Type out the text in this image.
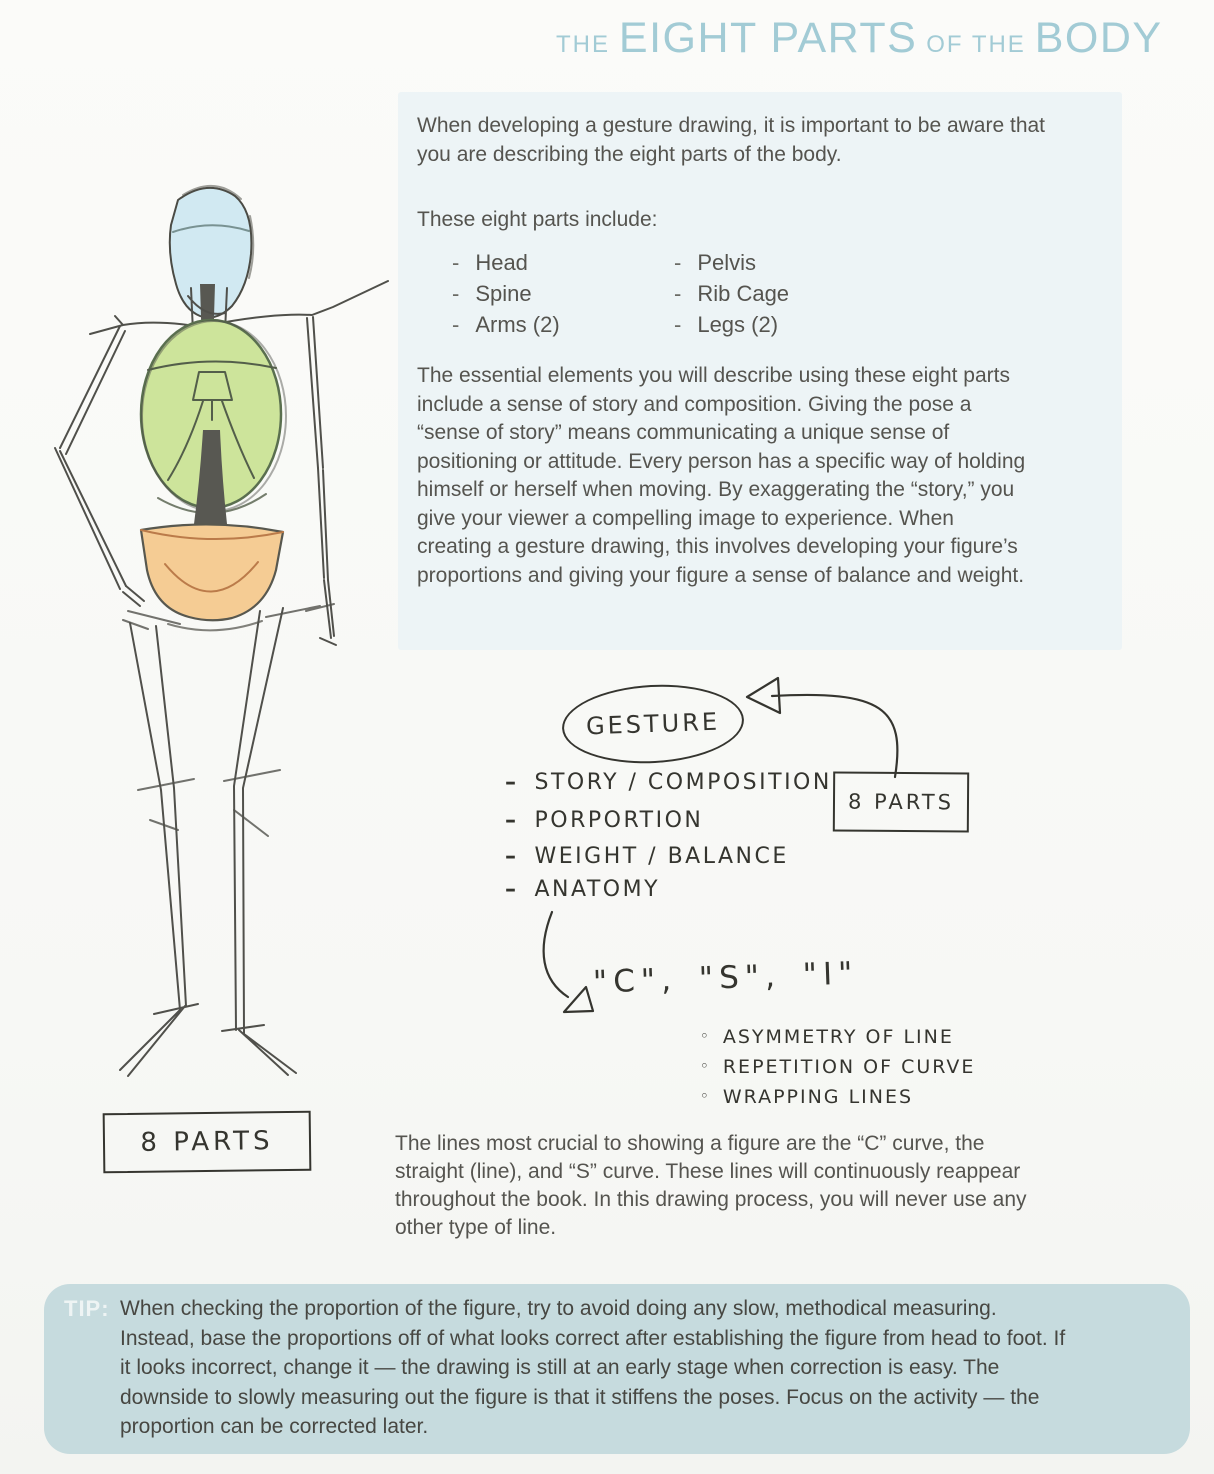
THE EIGHT PARTS OF THE BODY

When developing a gesture drawing, it is important to be aware that you are describing the eight parts of the body.

These eight parts include:

- Head	- Pelvis
- Spine	- Rib Cage
- Arms (2)	- Legs (2)

The essential elements you will describe using these eight parts include a sense of story and composition. Giving the pose a “sense of story” means communicating a unique sense of positioning or attitude. Every person has a specific way of holding himself or herself when moving. By exaggerating the “story,” you give your viewer a compelling image to experience. When creating a gesture drawing, this involves developing your figure’s proportions and giving your figure a sense of balance and weight.

8 PARTS
GESTURE
8 PARTS
– STORY / COMPOSITION
– PORPORTION
– WEIGHT / BALANCE
– ANATOMY
"C", "S", "I"
◦ ASYMMETRY OF LINE
◦ REPETITION OF CURVE
◦ WRAPPING LINES

The lines most crucial to showing a figure are the “C” curve, the straight (line), and “S” curve. These lines will continuously reappear throughout the book. In this drawing process, you will never use any other type of line.

TIP: When checking the proportion of the figure, try to avoid doing any slow, methodical measuring. Instead, base the proportions off of what looks correct after establishing the figure from head to foot. If it looks incorrect, change it — the drawing is still at an early stage when correction is easy. The downside to slowly measuring out the figure is that it stiffens the poses. Focus on the activity — the proportion can be corrected later.
